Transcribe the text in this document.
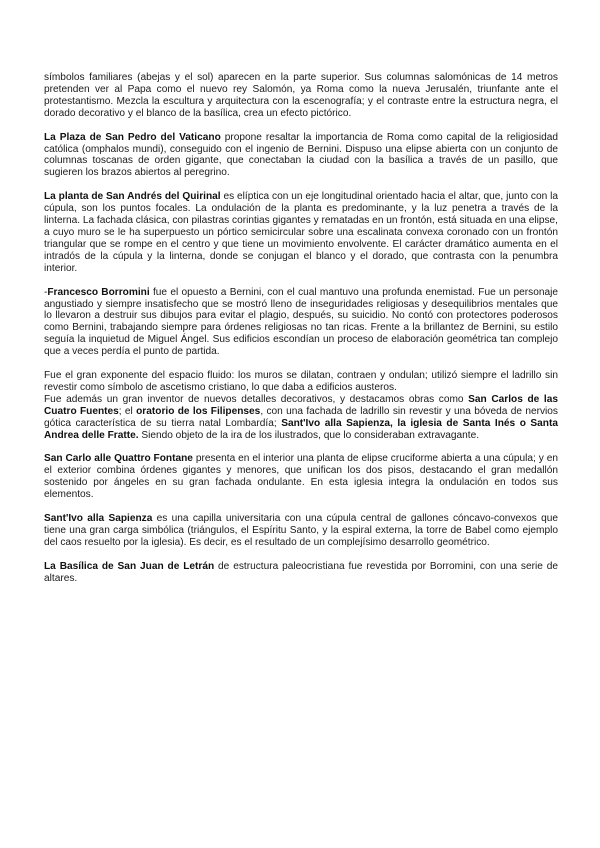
símbolos familiares (abejas y el sol) aparecen en la parte superior. Sus columnas salomónicas de 14 metros pretenden ver al Papa como el nuevo rey Salomón, ya Roma como la nueva Jerusalén, triunfante ante el protestantismo. Mezcla la escultura y arquitectura con la escenografía; y el contraste entre la estructura negra, el dorado decorativo y el blanco de la basílica, crea un efecto pictórico.

La Plaza de San Pedro del Vaticano propone resaltar la importancia de Roma como capital de la religiosidad católica (omphalos mundi), conseguido con el ingenio de Bernini. Dispuso una elipse abierta con un conjunto de columnas toscanas de orden gigante, que conectaban la ciudad con la basílica a través de un pasillo, que sugieren los brazos abiertos al peregrino.

La planta de San Andrés del Quirinal es elíptica con un eje longitudinal orientado hacia el altar, que, junto con la cúpula, son los puntos focales. La ondulación de la planta es predominante, y la luz penetra a través de la linterna. La fachada clásica, con pilastras corintias gigantes y rematadas en un frontón, está situada en una elipse, a cuyo muro se le ha superpuesto un pórtico semicircular sobre una escalinata convexa coronado con un frontón triangular que se rompe en el centro y que tiene un movimiento envolvente. El carácter dramático aumenta en el intradós de la cúpula y la linterna, donde se conjugan el blanco y el dorado, que contrasta con la penumbra interior.

-Francesco Borromini fue el opuesto a Bernini, con el cual mantuvo una profunda enemistad. Fue un personaje angustiado y siempre insatisfecho que se mostró lleno de inseguridades religiosas y desequilibrios mentales que lo llevaron a destruir sus dibujos para evitar el plagio, después, su suicidio. No contó con protectores poderosos como Bernini, trabajando siempre para órdenes religiosas no tan ricas. Frente a la brillantez de Bernini, su estilo seguía la inquietud de Miguel Ángel. Sus edificios escondían un proceso de elaboración geométrica tan complejo que a veces perdía el punto de partida.

Fue el gran exponente del espacio fluido: los muros se dilatan, contraen y ondulan; utilizó siempre el ladrillo sin revestir como símbolo de ascetismo cristiano, lo que daba a edificios austeros.

Fue además un gran inventor de nuevos detalles decorativos, y destacamos obras como San Carlos de las Cuatro Fuentes; el oratorio de los Filipenses, con una fachada de ladrillo sin revestir y una bóveda de nervios gótica característica de su tierra natal Lombardía; Sant'Ivo alla Sapienza, la iglesia de Santa Inés o Santa Andrea delle Fratte. Siendo objeto de la ira de los ilustrados, que lo consideraban extravagante.

San Carlo alle Quattro Fontane presenta en el interior una planta de elipse cruciforme abierta a una cúpula; y en el exterior combina órdenes gigantes y menores, que unifican los dos pisos, destacando el gran medallón sostenido por ángeles en su gran fachada ondulante. En esta iglesia integra la ondulación en todos sus elementos.

Sant'Ivo alla Sapienza es una capilla universitaria con una cúpula central de gallones cóncavo-convexos que tiene una gran carga simbólica (triángulos, el Espíritu Santo, y la espiral externa, la torre de Babel como ejemplo del caos resuelto por la iglesia). Es decir, es el resultado de un complejísimo desarrollo geométrico.

La Basílica de San Juan de Letrán de estructura paleocristiana fue revestida por Borromini, con una serie de altares.
